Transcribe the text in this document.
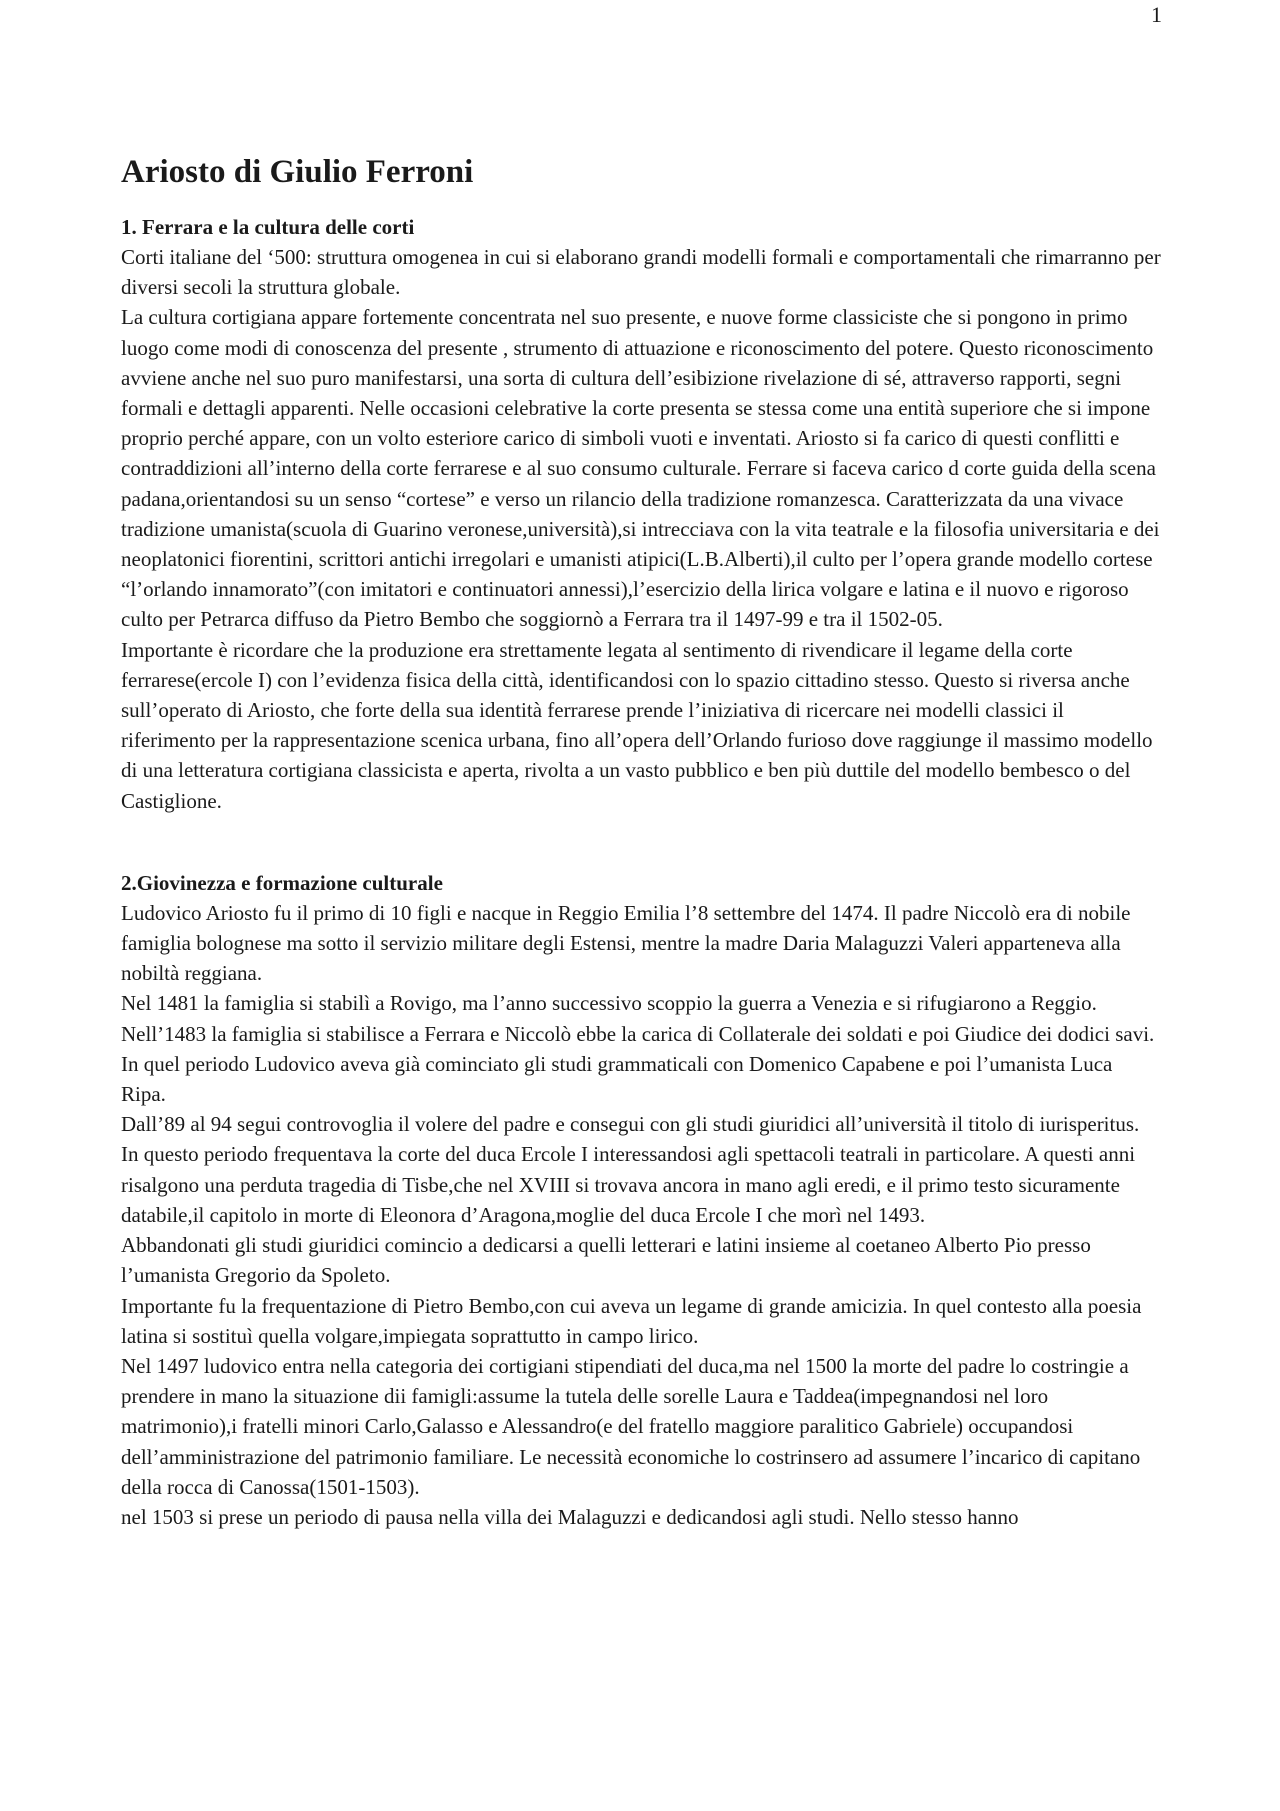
1
Ariosto di Giulio Ferroni
1. Ferrara e la cultura delle corti

Corti italiane del ‘500: struttura omogenea in cui si elaborano grandi modelli formali e comportamentali che rimarranno per diversi secoli la struttura globale.

La cultura cortigiana appare fortemente concentrata nel suo presente, e nuove forme classiciste che si pongono in primo luogo come modi di conoscenza del presente , strumento di attuazione e riconoscimento del potere. Questo riconoscimento avviene anche nel suo puro manifestarsi, una sorta di cultura dell’esibizione rivelazione di sé, attraverso rapporti, segni formali e dettagli apparenti. Nelle occasioni celebrative la corte presenta se stessa come una entità superiore che si impone proprio perché appare, con un volto esteriore carico di simboli vuoti e inventati. Ariosto si fa carico di questi conflitti e contraddizioni all’interno della corte ferrarese e al suo consumo culturale. Ferrare si faceva carico d corte guida della scena padana,orientandosi su un senso “cortese” e verso un rilancio della tradizione romanzesca. Caratterizzata da una vivace tradizione umanista(scuola di Guarino veronese,università),si intrecciava con la vita teatrale e la filosofia universitaria e dei neoplatonici fiorentini, scrittori antichi irregolari e umanisti atipici(L.B.Alberti),il culto per l’opera grande modello cortese “l’orlando innamorato”(con imitatori e continuatori annessi),l’esercizio della lirica volgare e latina e il nuovo e rigoroso culto per Petrarca diffuso da Pietro Bembo che soggiornò a Ferrara tra il 1497-99 e tra il 1502-05.

Importante è ricordare che la produzione era strettamente legata al sentimento di rivendicare il legame della corte ferrarese(ercole I) con l’evidenza fisica della città, identificandosi con lo spazio cittadino stesso. Questo si riversa anche sull’operato di Ariosto, che forte della sua identità ferrarese prende l’iniziativa di ricercare nei modelli classici il riferimento per la rappresentazione scenica urbana, fino all’opera dell’Orlando furioso dove raggiunge il massimo modello di una letteratura cortigiana classicista e aperta, rivolta a un vasto pubblico e ben più duttile del modello bembesco o del Castiglione.

2.Giovinezza e formazione culturale

Ludovico Ariosto fu il primo di 10 figli e nacque in Reggio Emilia l’8 settembre del 1474. Il padre Niccolò era di nobile famiglia bolognese ma sotto il servizio militare degli Estensi, mentre la madre Daria Malaguzzi Valeri apparteneva alla nobiltà reggiana.

Nel 1481 la famiglia si stabilì a Rovigo, ma l’anno successivo scoppio la guerra a Venezia e si rifugiarono a Reggio.

Nell’1483 la famiglia si stabilisce a Ferrara e Niccolò ebbe la carica di Collaterale dei soldati e poi Giudice dei dodici savi. In quel periodo Ludovico aveva già cominciato gli studi grammaticali con Domenico Capabene e poi l’umanista Luca Ripa.

Dall’89 al 94 segui controvoglia il volere del padre e consegui con gli studi giuridici all’università il titolo di iurisperitus. In questo periodo frequentava la corte del duca Ercole I interessandosi agli spettacoli teatrali in particolare. A questi anni risalgono una perduta tragedia di Tisbe,che nel XVIII si trovava ancora in mano agli eredi, e il primo testo sicuramente databile,il capitolo in morte di Eleonora d’Aragona,moglie del duca Ercole I che morì nel 1493.

Abbandonati gli studi giuridici comincio a dedicarsi a quelli letterari e latini insieme al coetaneo Alberto Pio presso l’umanista Gregorio da Spoleto.

Importante fu la frequentazione di Pietro Bembo,con cui aveva un legame di grande amicizia. In quel contesto alla poesia latina si sostituì quella volgare,impiegata soprattutto in campo lirico.

Nel 1497 ludovico entra nella categoria dei cortigiani stipendiati del duca,ma nel 1500 la morte del padre lo costringie a prendere in mano la situazione dii famigli:assume la tutela delle sorelle Laura e Taddea(impegnandosi nel loro matrimonio),i fratelli minori Carlo,Galasso e Alessandro(e del fratello maggiore paralitico Gabriele) occupandosi dell’amministrazione del patrimonio familiare. Le necessità economiche lo costrinsero ad assumere l’incarico di capitano della rocca di Canossa(1501-1503).

nel 1503 si prese un periodo di pausa nella villa dei Malaguzzi e dedicandosi agli studi. Nello stesso hanno
